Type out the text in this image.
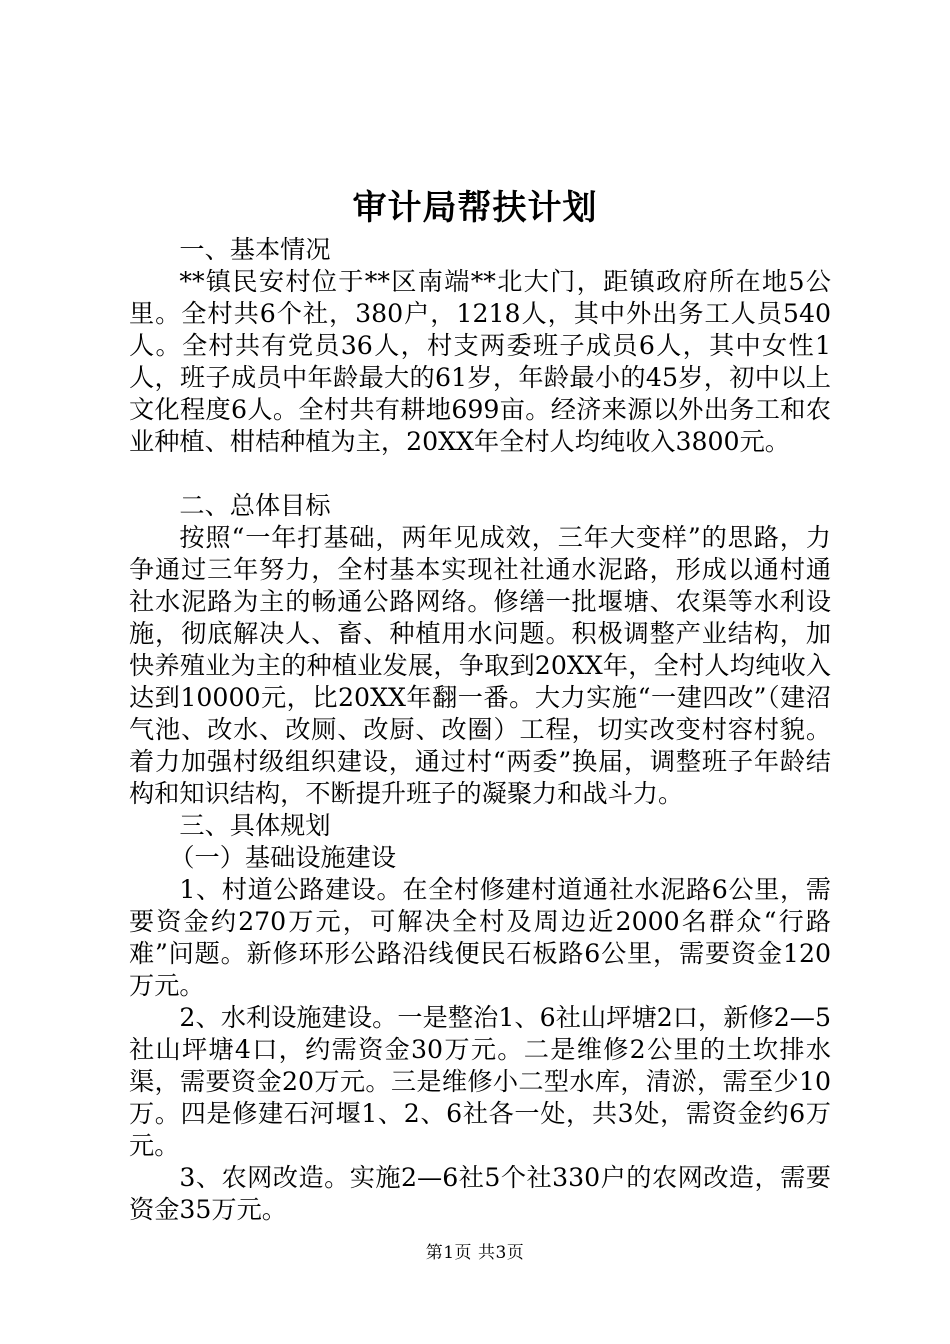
审计局帮扶计划

一、基本情况

**镇民安村位于**区南端**北大门，距镇政府所在地5公里。全村共6个社，380户，1218人，其中外出务工人员540人。全村共有党员36人，村支两委班子成员6人，其中女性1人，班子成员中年龄最大的61岁，年龄最小的45岁，初中以上文化程度6人。全村共有耕地699亩。经济来源以外出务工和农业种植、柑桔种植为主，20XX年全村人均纯收入3800元。

二、总体目标

按照“一年打基础，两年见成效，三年大变样”的思路，力争通过三年努力，全村基本实现社社通水泥路，形成以通村通社水泥路为主的畅通公路网络。修缮一批堰塘、农渠等水利设施，彻底解决人、畜、种植用水问题。积极调整产业结构，加快养殖业为主的种植业发展，争取到20XX年，全村人均纯收入达到10000元，比20XX年翻一番。大力实施“一建四改”（建沼气池、改水、改厕、改厨、改圈）工程，切实改变村容村貌。着力加强村级组织建设，通过村“两委”换届，调整班子年龄结构和知识结构，不断提升班子的凝聚力和战斗力。

三、具体规划

（一）基础设施建设

1、村道公路建设。在全村修建村道通社水泥路6公里，需要资金约270万元，可解决全村及周边近2000名群众“行路难”问题。新修环形公路沿线便民石板路6公里，需要资金120万元。

2、水利设施建设。一是整治1、6社山坪塘2口，新修2—5社山坪塘4口，约需资金30万元。二是维修2公里的土坎排水渠，需要资金20万元。三是维修小二型水库，清淤，需至少10万。四是修建石河堰1、2、6社各一处，共3处，需资金约6万元。

3、农网改造。实施2—6社5个社330户的农网改造，需要资金35万元。

第1页 共3页
